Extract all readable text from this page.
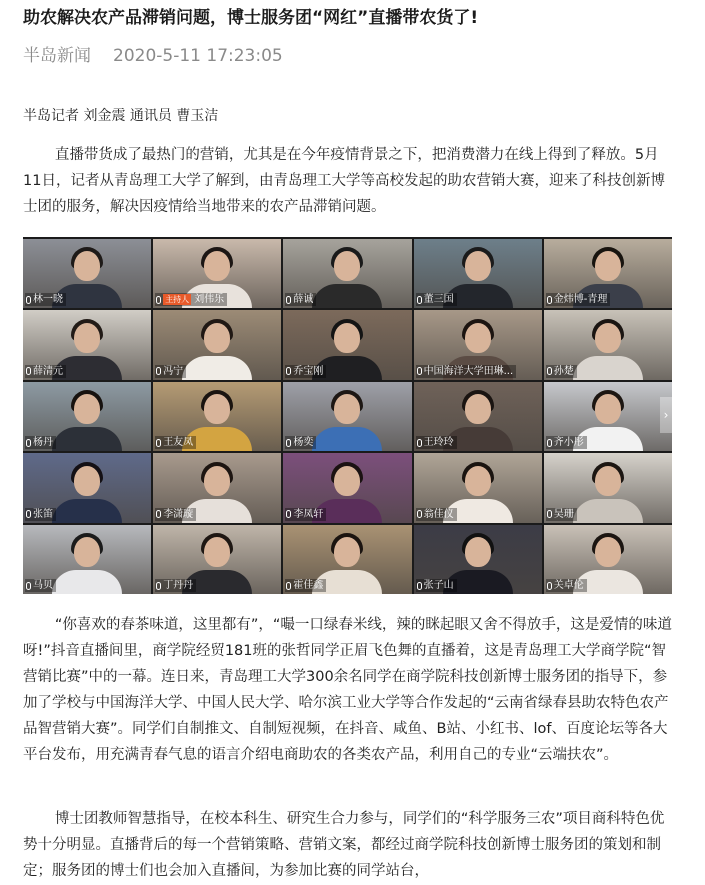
助农解决农产品滞销问题，博士服务团“网红”直播带农货了!
半岛新闻 2020-5-11 17:23:05
半岛记者 刘金震 通讯员 曹玉洁

直播带货成了最热门的营销，尤其是在今年疫情背景之下，把消费潜力在线上得到了释放。5月11日，记者从青岛理工大学了解到，由青岛理工大学等高校发起的助农营销大赛，迎来了科技创新博士团的服务，解决因疫情给当地带来的农产品滞销问题。

林一晓	主持人 刘伟乐	薛诚	董三国	金炜博-青理
薛清元	冯宁	乔宝刚	中国海洋大学田琳...	孙楚
杨丹	王友凤	杨奕	王玲玲	齐小彤
张笛	李潇璇	李凤轩	翁佳仪	吴珊
马贝	丁丹丹	霍佳鑫	张子山	关卓伦
›

“你喜欢的春茶味道，这里都有”，“嘬一口绿春米线，辣的眯起眼又舍不得放手，这是爱情的味道呀!”抖音直播间里，商学院经贸181班的张哲同学正眉飞色舞的直播着，这是青岛理工大学商学院“智营销比赛”中的一幕。连日来，青岛理工大学300余名同学在商学院科技创新博士服务团的指导下，参加了学校与中国海洋大学、中国人民大学、哈尔滨工业大学等合作发起的“云南省绿春县助农特色农产品智营销大赛”。同学们自制推文、自制短视频，在抖音、咸鱼、B站、小红书、lof、百度论坛等各大平台发布，用充满青春气息的语言介绍电商助农的各类农产品，利用自己的专业“云端扶农”。

博士团教师智慧指导，在校本科生、研究生合力参与，同学们的“科学服务三农”项目商科特色优势十分明显。直播背后的每一个营销策略、营销文案，都经过商学院科技创新博士服务团的策划和制定；服务团的博士们也会加入直播间，为参加比赛的同学站台，
